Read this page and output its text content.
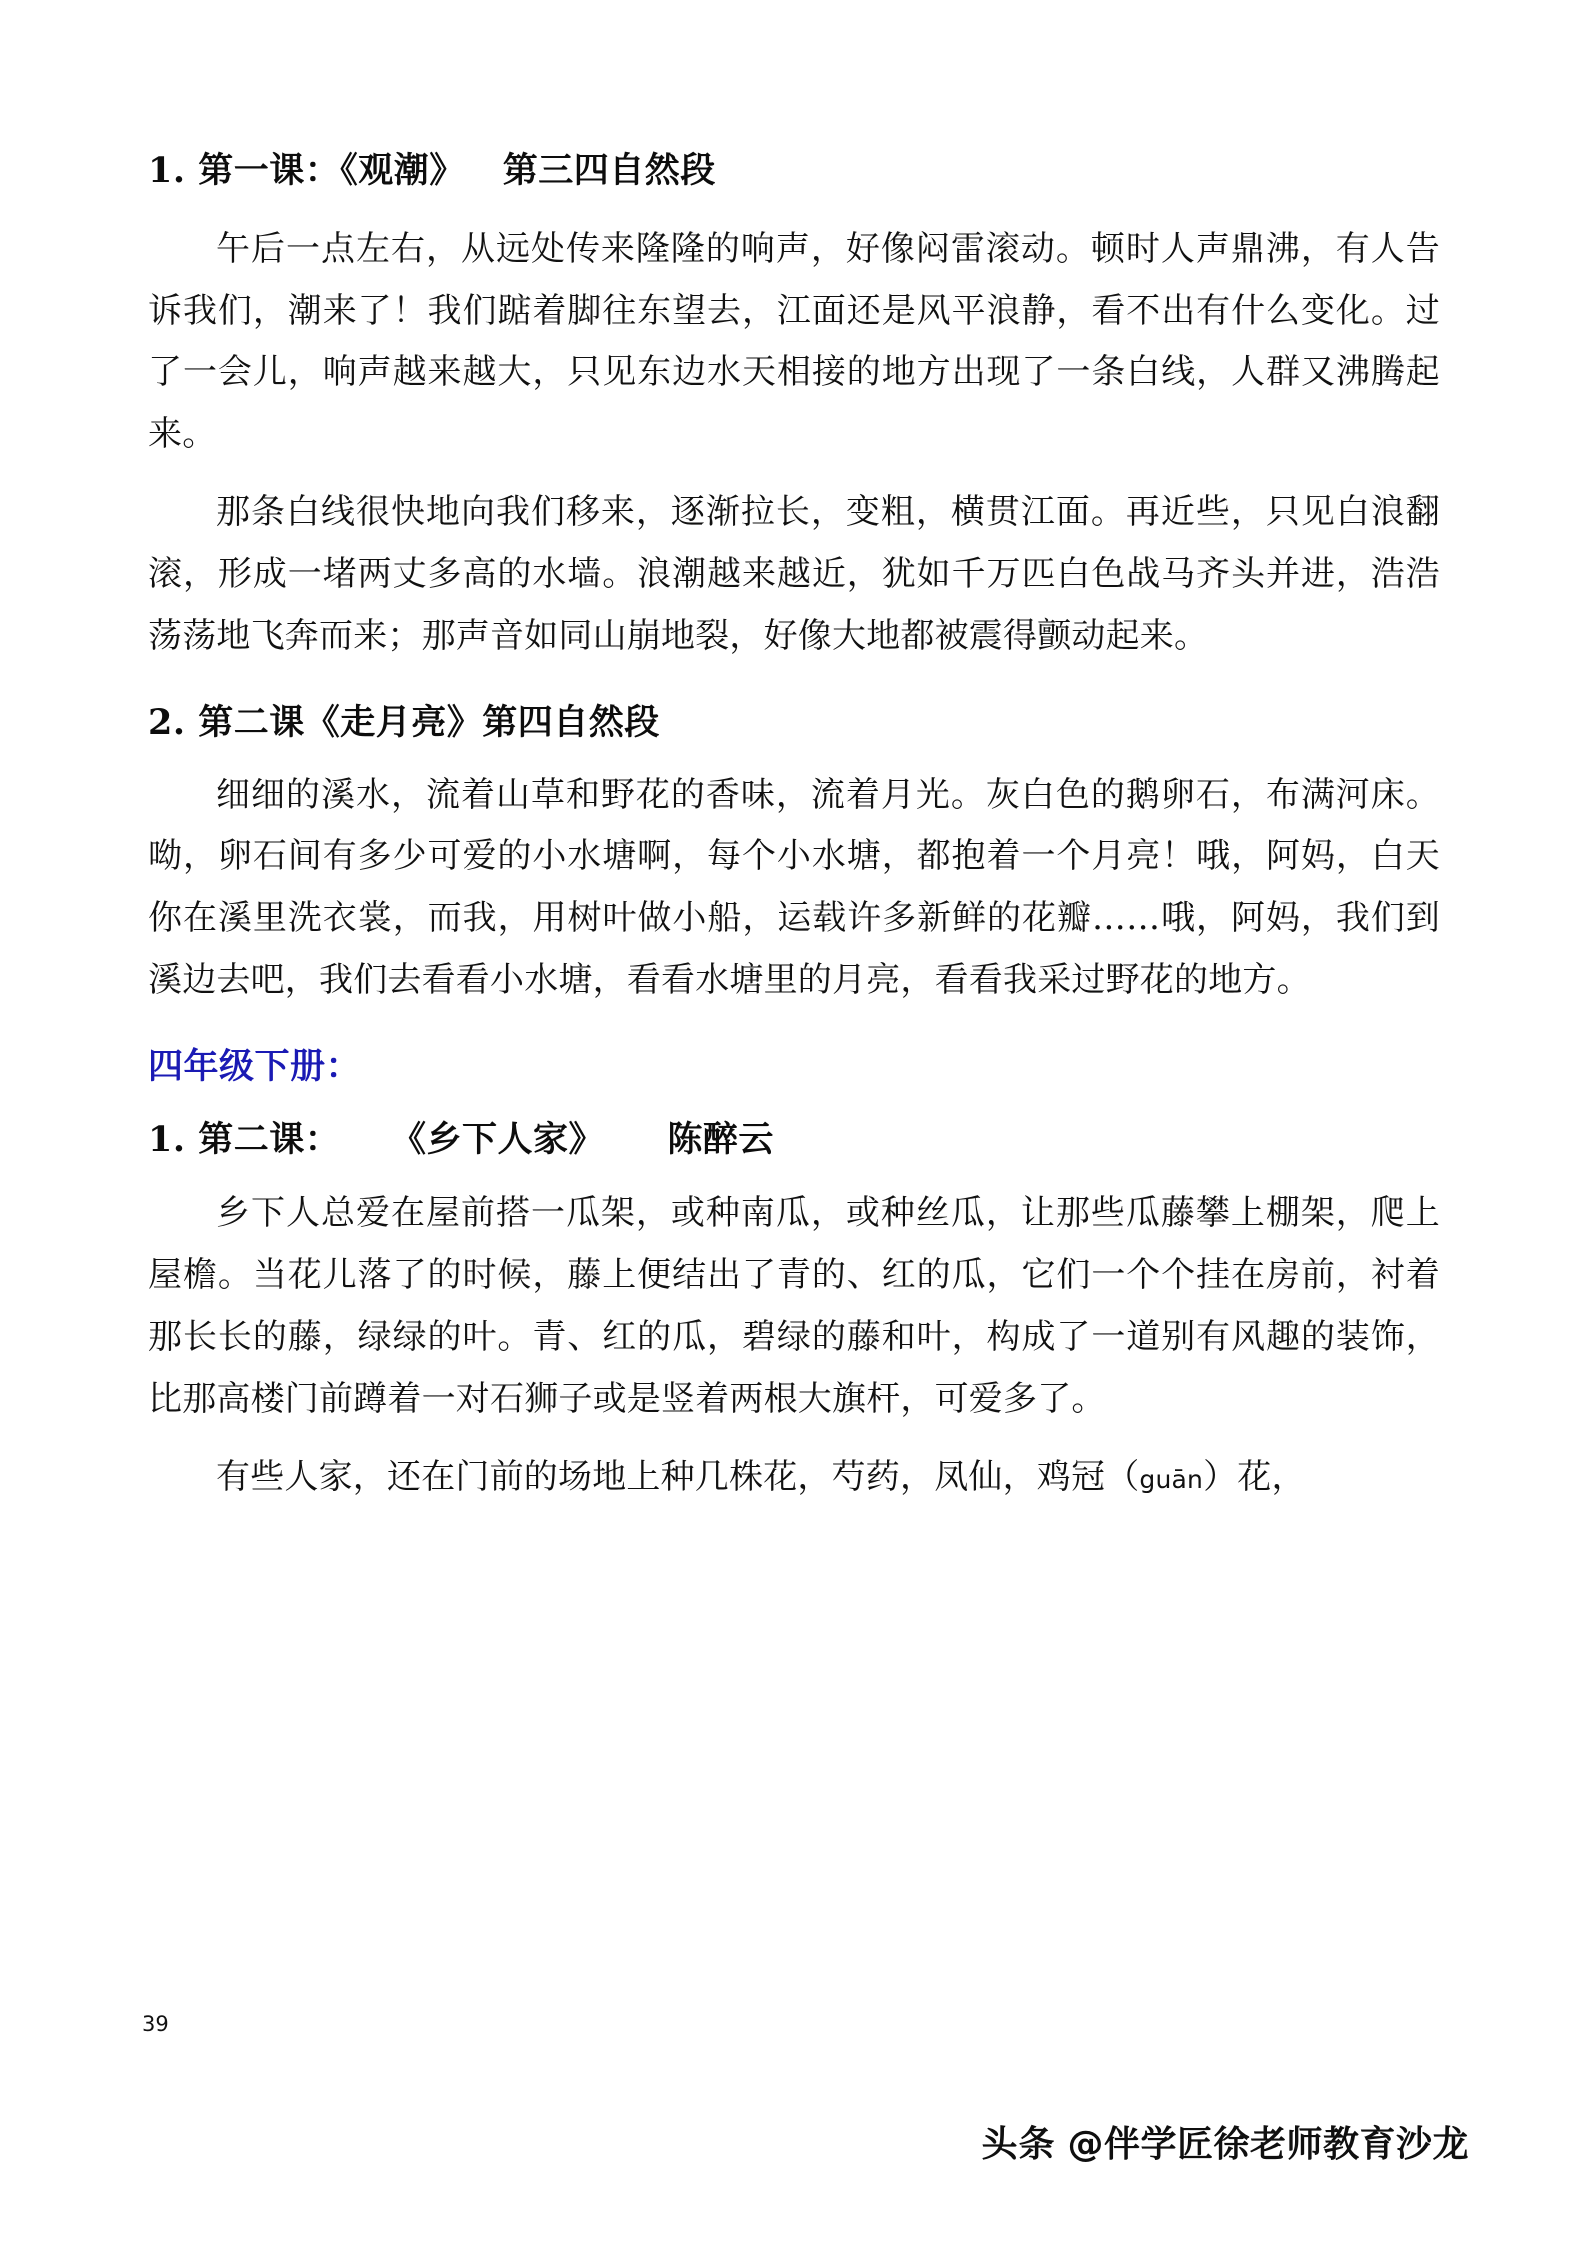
1. 第一课：《观潮》   第三四自然段

午后一点左右，从远处传来隆隆的响声，好像闷雷滚动。顿时人声鼎沸，有人告诉我们，潮来了！我们踮着脚往东望去，江面还是风平浪静，看不出有什么变化。过了一会儿，响声越来越大，只见东边水天相接的地方出现了一条白线，人群又沸腾起来。

那条白线很快地向我们移来，逐渐拉长，变粗，横贯江面。再近些，只见白浪翻滚，形成一堵两丈多高的水墙。浪潮越来越近，犹如千万匹白色战马齐头并进，浩浩荡荡地飞奔而来；那声音如同山崩地裂，好像大地都被震得颤动起来。

2. 第二课《走月亮》第四自然段

细细的溪水，流着山草和野花的香味，流着月光。灰白色的鹅卵石，布满河床。呦，卵石间有多少可爱的小水塘啊，每个小水塘，都抱着一个月亮！哦，阿妈，白天你在溪里洗衣裳，而我，用树叶做小船，运载许多新鲜的花瓣……哦，阿妈，我们到溪边去吧，我们去看看小水塘，看看水塘里的月亮，看看我采过野花的地方。

四年级下册：
1. 第二课：    《乡下人家》     陈醉云

乡下人总爱在屋前搭一瓜架，或种南瓜，或种丝瓜，让那些瓜藤攀上棚架，爬上屋檐。当花儿落了的时候，藤上便结出了青的、红的瓜，它们一个个挂在房前，衬着那长长的藤，绿绿的叶。青、红的瓜，碧绿的藤和叶，构成了一道别有风趣的装饰，比那高楼门前蹲着一对石狮子或是竖着两根大旗杆，可爱多了。

有些人家，还在门前的场地上种几株花，芍药，凤仙，鸡冠（guān）花，

39
头条 @伴学匠徐老师教育沙龙
